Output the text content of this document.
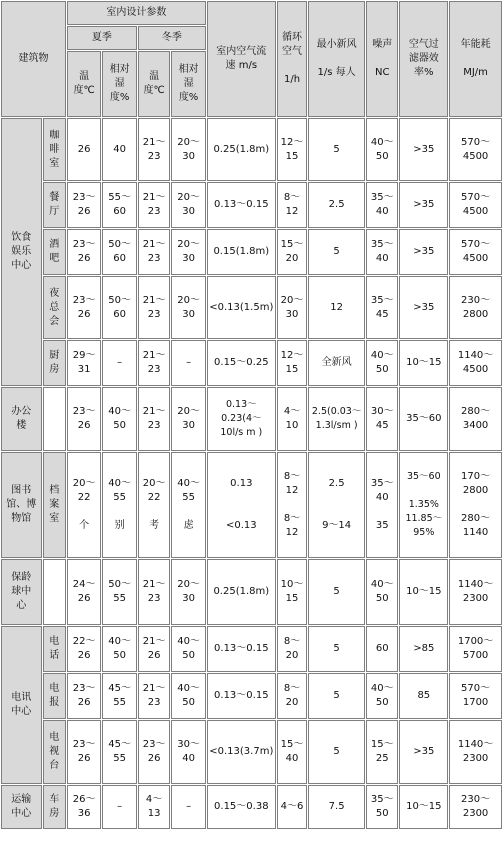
建筑物		室内设计参数				室内空气流
速 m/s	循环
空气

1/h	最小新风

1/s 每人	噪声

NC	空气过
滤器效
率%	年能耗

MJ/m
		夏季		冬季							
		温
度℃	相对
湿
度%	温
度℃	相对
湿
度%						
饮食
娱乐
中心	咖
啡
室	26	40	21～
23	20～
30	0.25(1.8m)	12～
15	5	40～
50	>35	570～
4500
	餐
厅	23～
26	55～
60	21～
23	20～
30	0.13～0.15	8～
12	2.5	35～
40	>35	570～
4500
	酒
吧	23～
26	50～
60	21～
23	20～
30	0.15(1.8m)	15～
20	5	35～
40	>35	570～
4500
	夜
总
会	23～
26	50～
60	21～
23	20～
30	<0.13(1.5m)	20～
30	12	35～
45	>35	230～
2800
	厨
房	29～
31	–	21～
23	–	0.15～0.25	12～
15	全新风	40～
50	10～15	1140～
4500
办公
楼		23～
26	40～
50	21～
23	20～
30	0.13～
0.23(4～
10l/s m )	4～
10	2.5(0.03～
1.3l/sm )	30～
45	35～60	280～
3400
图书
馆、博
物馆	档
案
室	20～
22

个	40～
55

别	20～
22

考	40～
55

虑	0.13

<0.13	8～
12

8～
12	2.5

9～14	35～
40

35	35～60

1.35%
11.85～
95%	170～
2800

280～
1140
保龄
球中
心		24～
26	50～
55	21～
23	20～
30	0.25(1.8m)	10～
15	5	40～
50	10～15	1140～
2300
电讯
中心	电
话	22～
26	40～
50	21～
26	40～
50	0.13～0.15	8～
20	5	60	>85	1700～
5700
	电
报	23～
26	45～
55	21～
23	40～
50	0.13～0.15	8～
20	5	40～
50	85	570～
1700
	电
视
台	23～
26	45～
55	23～
26	30～
40	<0.13(3.7m)	15～
40	5	15～
25	>35	1140～
2300
运输
中心	车
房	26～
36	–	4～
13	–	0.15～0.38	4～6	7.5	35～
50	10～15	230～
2300
